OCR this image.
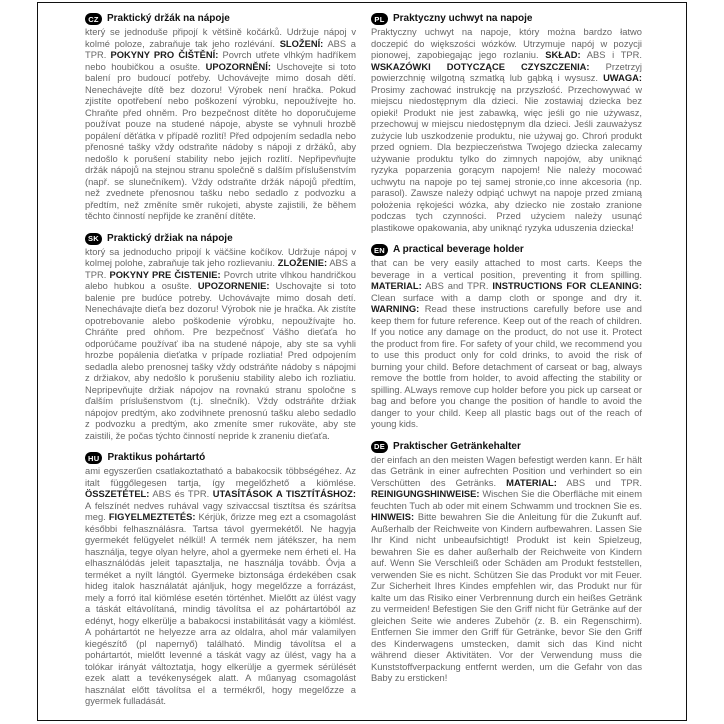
CZ Praktický držák na nápoje

který se jednoduše připojí k většině kočárků. Udržuje nápoj v kolmé poloze, zabraňuje tak jeho rozlévání. SLOŽENÍ: ABS a TPR. POKYNY PRO ČIŠTĚNÍ: Povrch utřete vlhkým hadříkem nebo houbičkou a osušte. UPOZORNĚNÍ: Uschovejte si toto balení pro budoucí potřeby. Uchovávejte mimo dosah dětí. Nenechávejte dítě bez dozoru! Výrobek není hračka. Pokud zjistíte opotřebení nebo poškození výrobku, nepoužívejte ho. Chraňte před ohněm. Pro bezpečnost dítěte ho doporučujeme používat pouze na studené nápoje, abyste se vyhnuli hrozbě popálení děťátka v případě rozlití! Před odpojením sedadla nebo přenosné tašky vždy odstraňte nádoby s nápoji z držáků, aby nedošlo k porušení stability nebo jejich rozlití. Nepřipevňujte držák nápojů na stejnou stranu společně s dalším příslušenstvím (např. se slunečníkem). Vždy odstraňte držák nápojů předtím, než zvednete přenosnou tašku nebo sedadlo z podvozku a předtím, než změníte směr rukojeti, abyste zajistili, že během těchto činností nepřijde ke zranění dítěte.

SK Praktický držiak na nápoje

ktorý sa jednoducho pripojí k väčšine kočíkov. Udržuje nápoj v kolmej polohe, zabraňuje tak jeho rozlievaniu. ZLOŽENIE: ABS a TPR. POKYNY PRE ČISTENIE: Povrch utrite vlhkou handričkou alebo hubkou a osušte. UPOZORNENIE: Uschovajte si toto balenie pre budúce potreby. Uchovávajte mimo dosah detí. Nenechávajte dieťa bez dozoru! Výrobok nie je hračka. Ak zistíte opotrebovanie alebo poškodenie výrobku, nepoužívajte ho. Chráňte pred ohňom. Pre bezpečnosť Vášho dieťaťa ho odporúčame používať iba na studené nápoje, aby ste sa vyhli hrozbe popálenia dieťatka v prípade rozliatia! Pred odpojením sedadla alebo prenosnej tašky vždy odstráňte nádoby s nápojmi z držiakov, aby nedošlo k porušeniu stability alebo ich rozliatiu. Nepripevňujte držiak nápojov na rovnakú stranu spoločne s ďalším príslušenstvom (t.j. slnečník). Vždy odstráňte držiak nápojov predtým, ako zodvihnete prenosnú tašku alebo sedadlo z podvozku a predtým, ako zmeníte smer rukoväte, aby ste zaistili, že počas týchto činností nepride k zraneniu dieťaťa.

HU Praktikus pohártartó

ami egyszerűen csatlakoztatható a babakocsik többségéhez. Az italt függőlegesen tartja, így megelőzhető a kiömlése. ÖSSZETÉTEL: ABS és TPR. UTASÍTÁSOK A TISZTÍTÁSHOZ: A felszínét nedves ruhával vagy szivaccsal tisztítsa és szárítsa meg. FIGYELMEZTETÉS: Kérjük, őrizze meg ezt a csomagolást későbbi felhasználásra. Tartsa távol gyermekétől. Ne hagyja gyermekét felügyelet nélkül! A termék nem játékszer, ha nem használja, tegye olyan helyre, ahol a gyermeke nem érheti el. Ha elhasználódás jeleit tapasztalja, ne használja tovább. Óvja a terméket a nyílt lángtól. Gyermeke biztonsága érdekében csak hideg italok használatát ajánljuk, hogy megelőzze a forrázást, mely a forró ital kiömlése esetén történhet. Mielőtt az ülést vagy a táskát eltávolítaná, mindig távolítsa el az pohártartóból az edényt, hogy elkerülje a babakocsi instabilitását vagy a kiömlést. A pohártartót ne helyezze arra az oldalra, ahol már valamilyen kiegészítő (pl napernyő) található. Mindig távolítsa el a pohártartót, mielőtt levenné a táskát vagy az ülést, vagy ha a tolókar irányát változtatja, hogy elkerülje a gyermek sérülését ezek alatt a tevékenységek alatt. A műanyag csomagolást használat előtt távolítsa el a termékről, hogy megelőzze a gyermek fulladását.

PL Praktyczny uchwyt na napoje

Praktyczny uchwyt na napoje, który można bardzo łatwo doczepić do większości wózków. Utrzymuje napój w pozycji pionowej, zapobiegając jego rozlaniu. SKŁAD: ABS i TPR. WSKAZÓWKI DOTYCZĄCE CZYSZCZENIA: Przetrzyj powierzchnię wilgotną szmatką lub gąbką i wysusz. UWAGA: Prosimy zachować instrukcję na przyszłość. Przechowywać w miejscu niedostępnym dla dzieci. Nie zostawiaj dziecka bez opieki! Produkt nie jest zabawką, więc jeśli go nie używasz, przechowuj w miejscu niedostępnym dla dzieci. Jeśli zauważysz zużycie lub uszkodzenie produktu, nie używaj go. Chroń produkt przed ogniem. Dla bezpieczeństwa Twojego dziecka zalecamy używanie produktu tylko do zimnych napojów, aby uniknąć ryzyka poparzenia gorącym napojem! Nie należy mocować uchwytu na napoje po tej samej stronie,co inne akcesoria (np. parasol). Zawsze należy odpiąć uchwyt na napoje przed zmianą położenia rękojeści wózka, aby dziecko nie zostało zranione podczas tych czynności. Przed użyciem należy usunąć plastikowe opakowania, aby uniknąć ryzyka uduszenia dziecka!

EN A practical beverage holder

that can be very easily attached to most carts. Keeps the beverage in a vertical position, preventing it from spilling. MATERIAL: ABS and TPR. INSTRUCTIONS FOR CLEANING: Clean surface with a damp cloth or sponge and dry it. WARNING: Read these instructions carefully before use and keep them for future reference. Keep out of the reach of children. If you notice any damage on the product, do not use it. Protect the product from fire. For safety of your child, we recommend you to use this product only for cold drinks, to avoid the risk of burning your child. Before detachment of carseat or bag, always remove the bottle from holder, to avoid affecting the stability or spilling. ALways remove cup holder before you pick up carseat or bag and before you change the position of handle to avoid the danger to your child. Keep all plastic bags out of the reach of young kids.

DE Praktischer Getränkehalter

der einfach an den meisten Wagen befestigt werden kann. Er hält das Getränk in einer aufrechten Position und verhindert so ein Verschütten des Getränks. MATERIAL: ABS und TPR. REINIGUNGSHINWEISE: Wischen Sie die Oberfläche mit einem feuchten Tuch ab oder mit einem Schwamm und trocknen Sie es. HINWEIS: Bitte bewahren Sie die Anleitung für die Zukunft auf. Außerhalb der Reichweite von Kindern aufbewahren. Lassen Sie Ihr Kind nicht unbeaufsichtigt! Produkt ist kein Spielzeug, bewahren Sie es daher außerhalb der Reichweite von Kindern auf. Wenn Sie Verschleiß oder Schäden am Produkt feststellen, verwenden Sie es nicht. Schützen Sie das Produkt vor mit Feuer. Zur Sicherheit Ihres Kindes empfehlen wir, das Produkt nur für kalte um das Risiko einer Verbrennung durch ein heißes Getränk zu vermeiden! Befestigen Sie den Griff nicht für Getränke auf der gleichen Seite wie anderes Zubehör (z. B. ein Regenschirm). Entfernen Sie immer den Griff für Getränke, bevor Sie den Griff des Kinderwagens umstecken, damit sich das Kind nicht während dieser Aktivitäten. Vor der Verwendung muss die Kunststoffverpackung entfernt werden, um die Gefahr von das Baby zu ersticken!
